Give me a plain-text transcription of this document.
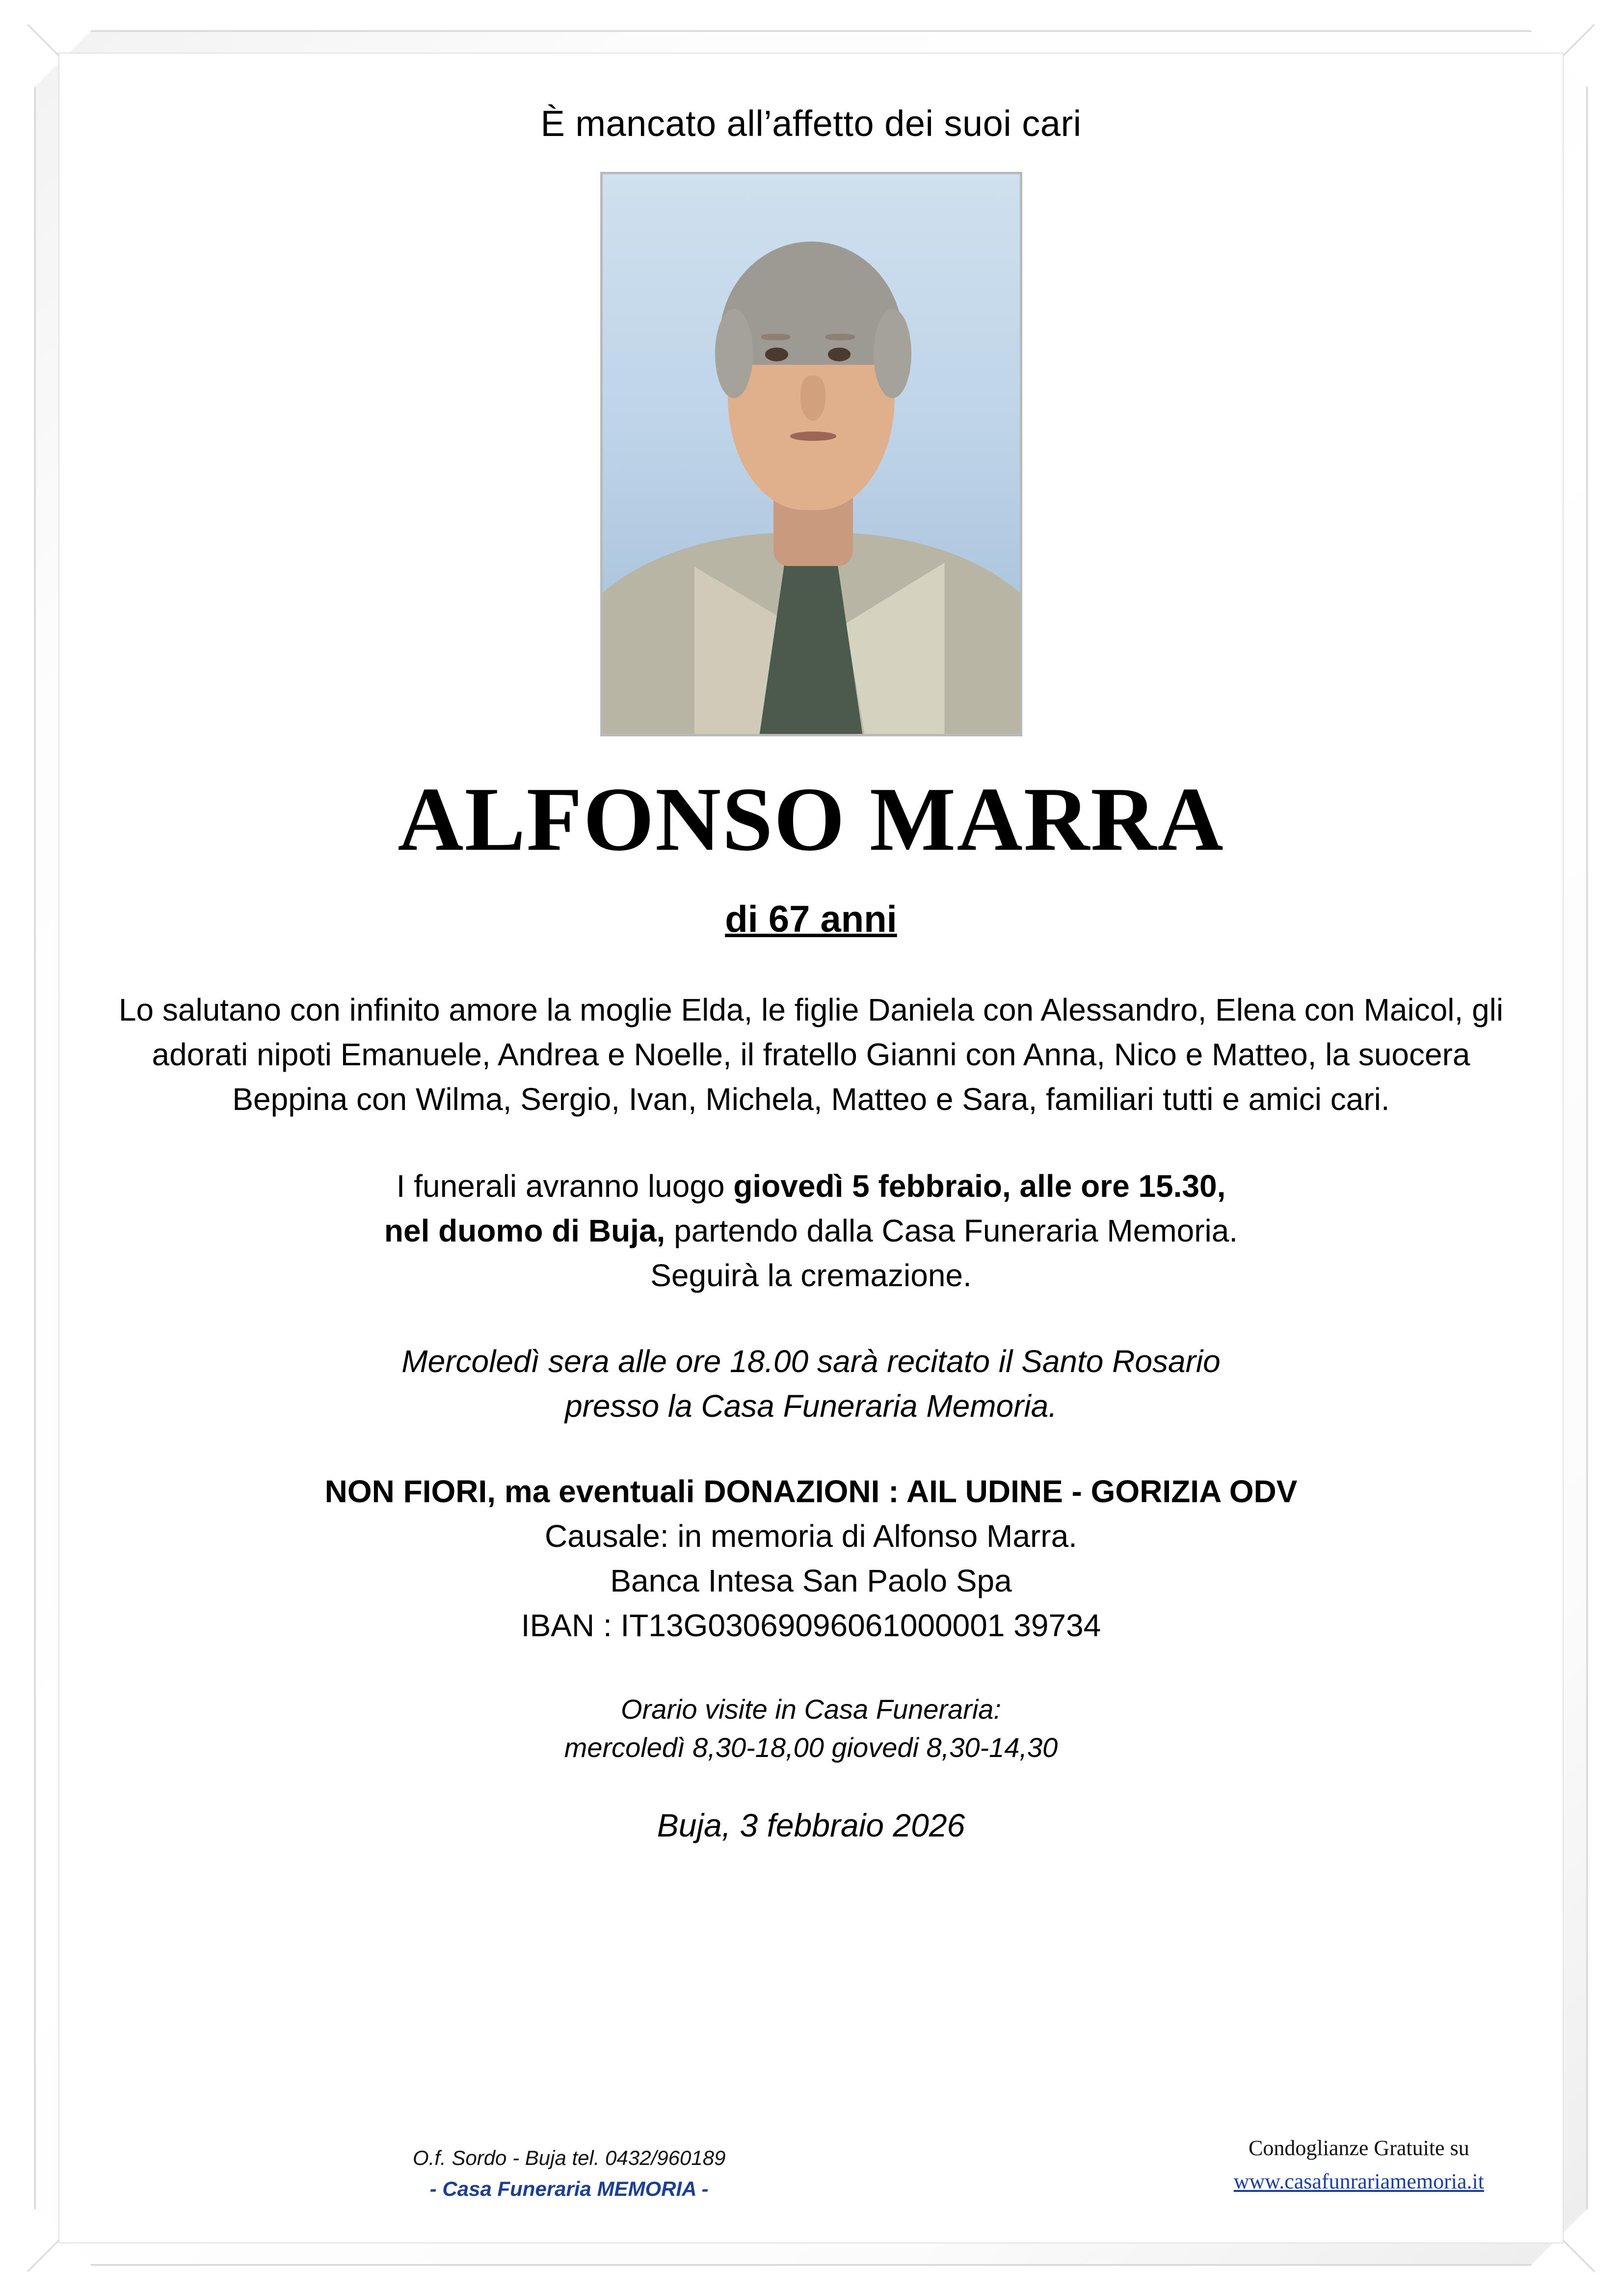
È mancato all’affetto dei suoi cari
ALFONSO MARRA
di 67 anni
Lo salutano con infinito amore la moglie Elda, le figlie Daniela con Alessandro, Elena con Maicol, gli adorati nipoti Emanuele, Andrea e Noelle, il fratello Gianni con Anna, Nico e Matteo, la suocera Beppina con Wilma, Sergio, Ivan, Michela, Matteo e Sara, familiari tutti e amici cari.
I funerali avranno luogo giovedì 5 febbraio, alle ore 15.30,
nel duomo di Buja, partendo dalla Casa Funeraria Memoria.
Seguirà la cremazione.
Mercoledì sera alle ore 18.00 sarà recitato il Santo Rosario
presso la Casa Funeraria Memoria.
NON FIORI, ma eventuali DONAZIONI : AIL UDINE - GORIZIA ODV
Causale: in memoria di Alfonso Marra.
Banca Intesa San Paolo Spa
IBAN : IT13G03069096061000001 39734
Orario visite in Casa Funeraria:
mercoledì 8,30-18,00 giovedi 8,30-14,30
Buja, 3 febbraio 2026
O.f. Sordo - Buja tel. 0432/960189
- Casa Funeraria MEMORIA -
Condoglianze Gratuite su
www.casafunrariamemoria.it
